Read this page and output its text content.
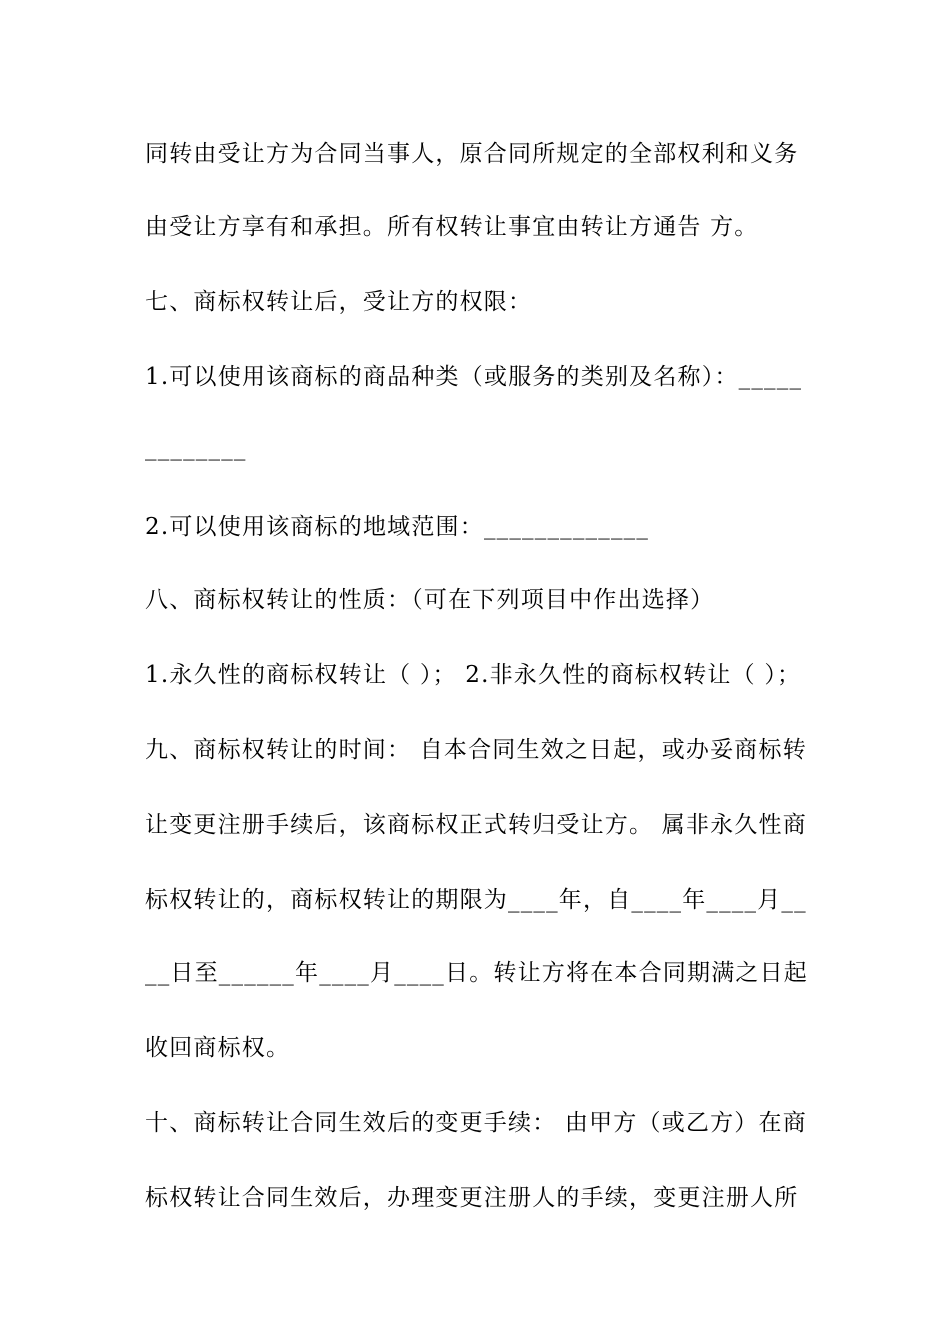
同转由受让方为合同当事人，原合同所规定的全部权利和义务
由受让方享有和承担。所有权转让事宜由转让方通告 方。
七、商标权转让后，受让方的权限：
1.可以使用该商标的商品种类（或服务的类别及名称）：_____
________
2.可以使用该商标的地域范围：_____________
八、商标权转让的性质：（可在下列项目中作出选择）
1.永久性的商标权转让（ ）； 2.非永久性的商标权转让（ ）；
九、商标权转让的时间： 自本合同生效之日起，或办妥商标转
让变更注册手续后，该商标权正式转归受让方。 属非永久性商
标权转让的，商标权转让的期限为____年，自____年____月__
__日至______年____月____日。转让方将在本合同期满之日起
收回商标权。
十、商标转让合同生效后的变更手续： 由甲方（或乙方）在商
标权转让合同生效后，办理变更注册人的手续，变更注册人所
